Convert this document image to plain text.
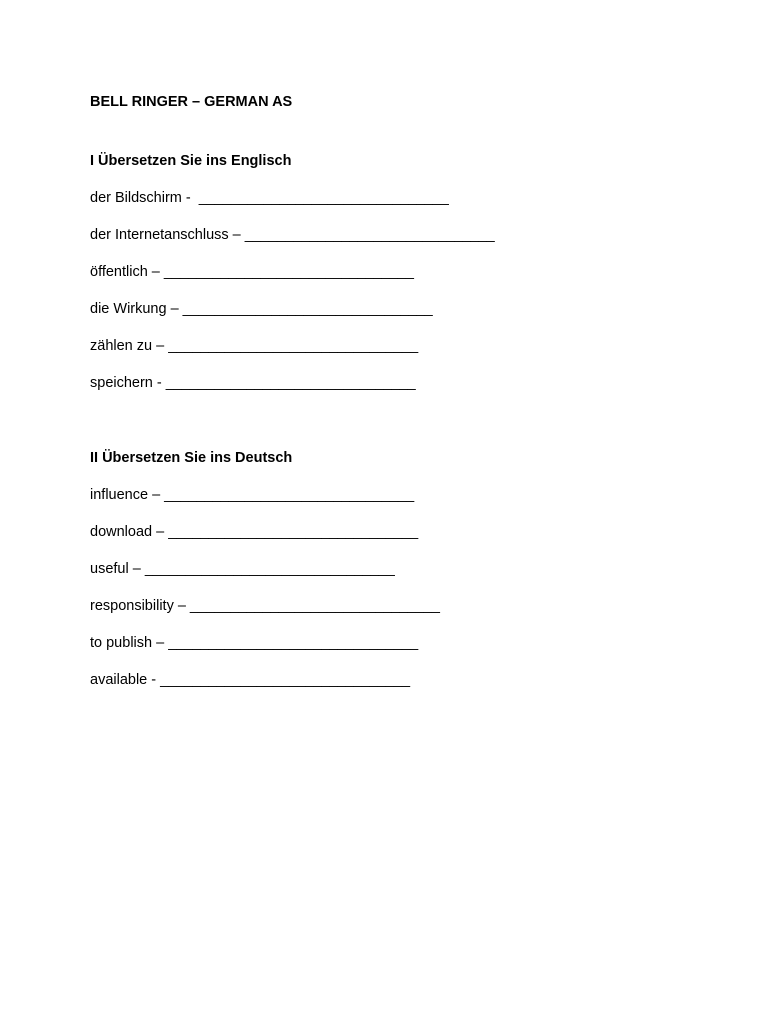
BELL RINGER – GERMAN AS
I Übersetzen Sie ins Englisch
der Bildschirm -  _______________________________
der Internetanschluss – _______________________________
öffentlich – _______________________________
die Wirkung – _______________________________
zählen zu – _______________________________
speichern - _______________________________
II Übersetzen Sie ins Deutsch
influence – _______________________________
download – _______________________________
useful – _______________________________
responsibility – _______________________________
to publish – _______________________________
available - _______________________________
